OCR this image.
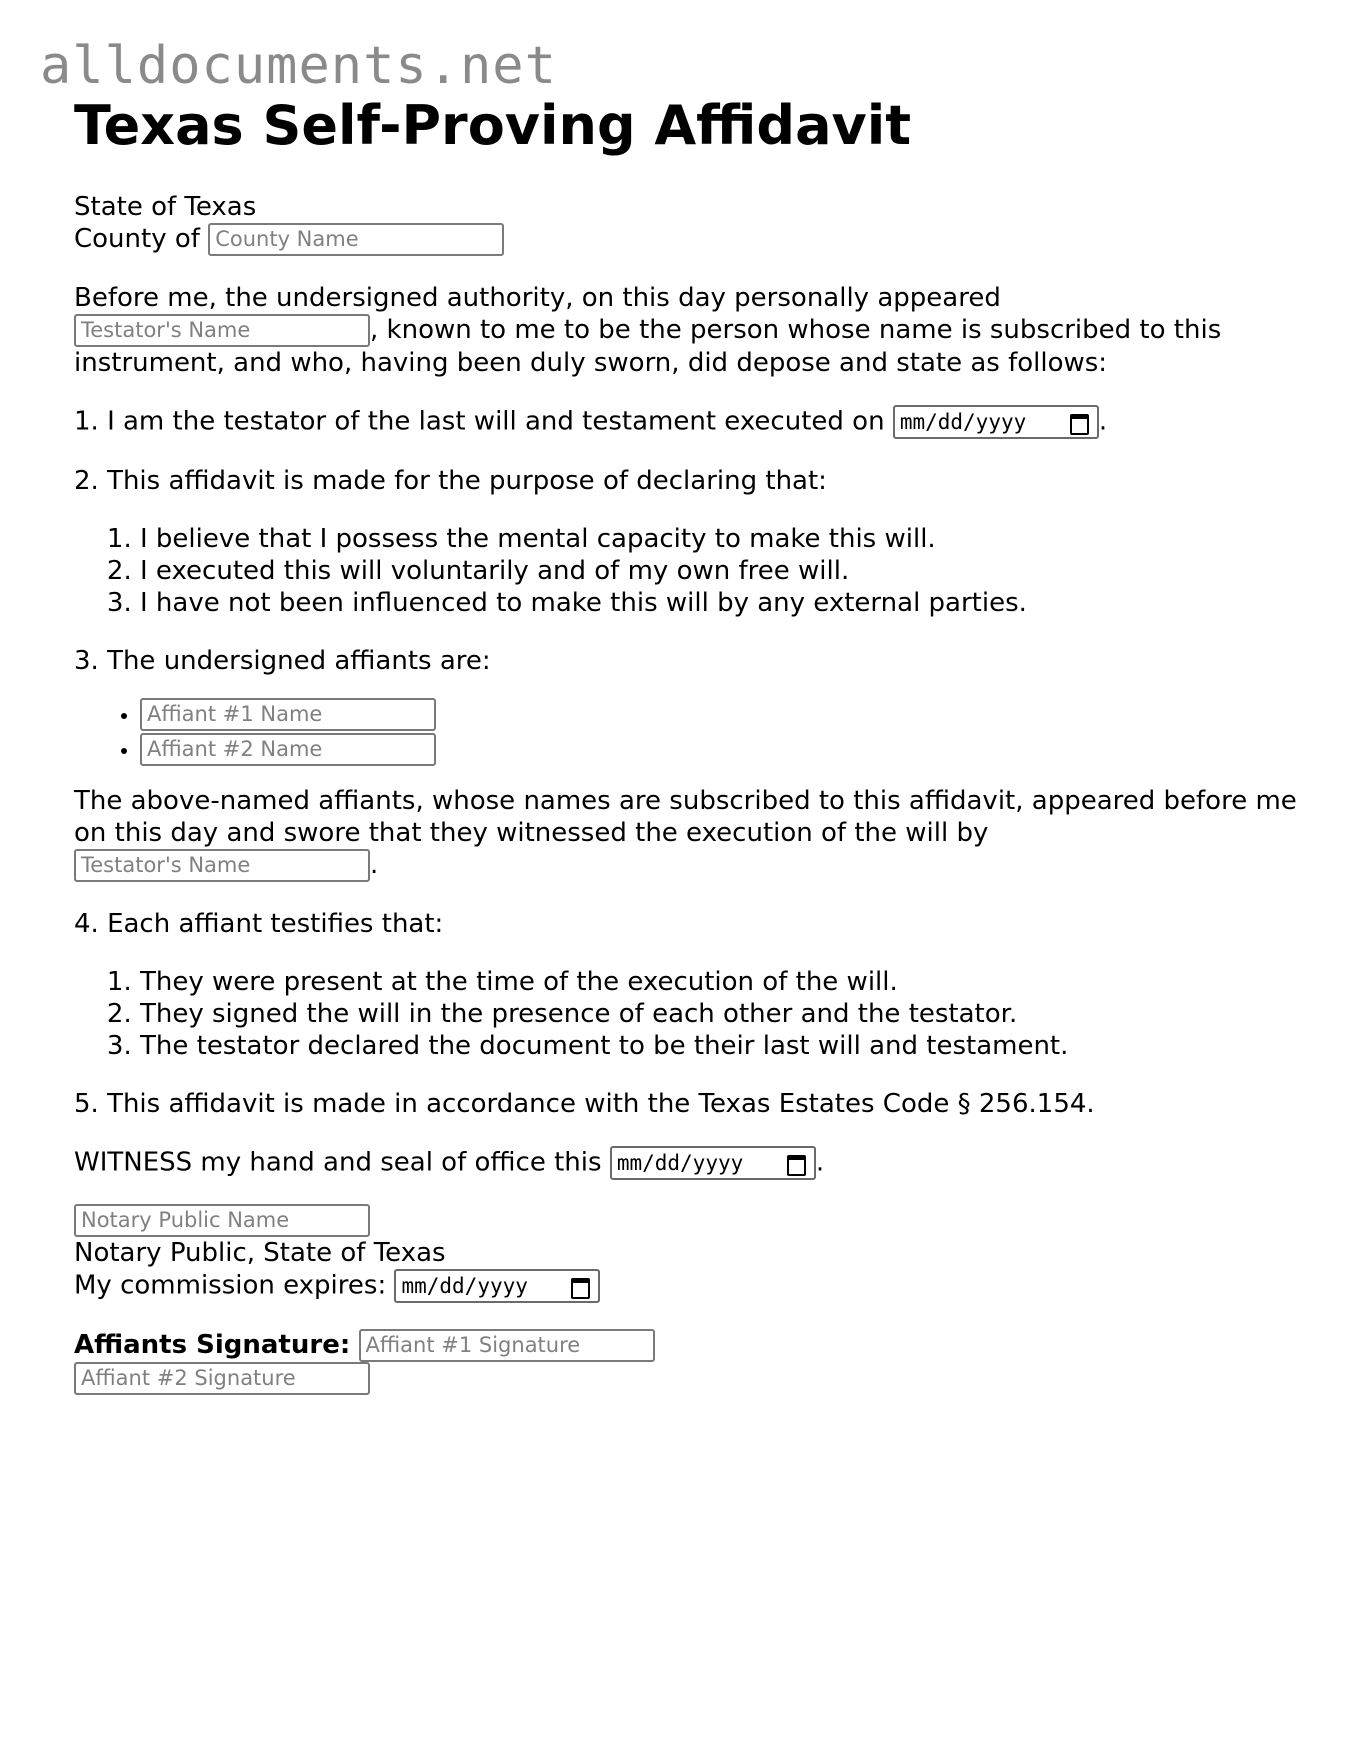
alldocuments.net
Texas Self-Proving Affidavit

State of Texas
County of County Name

Before me, the undersigned authority, on this day personally appeared
Testator's Name	, known to me to be the person whose name is subscribed to this instrument, and who, having been duly sworn, did depose and state as follows:

1. I am the testator of the last will and testament executed on mm/dd/yyyy	.

2. This affidavit is made for the purpose of declaring that:

1. I believe that I possess the mental capacity to make this will.
2. I executed this will voluntarily and of my own free will.
3. I have not been influenced to make this will by any external parties.

3. The undersigned affiants are:

• Affiant #1 Name
• Affiant #2 Name

The above-named affiants, whose names are subscribed to this affidavit, appeared before me on this day and swore that they witnessed the execution of the will by
Testator's Name	.

4. Each affiant testifies that:

1. They were present at the time of the execution of the will.
2. They signed the will in the presence of each other and the testator.
3. The testator declared the document to be their last will and testament.

5. This affidavit is made in accordance with the Texas Estates Code § 256.154.

WITNESS my hand and seal of office this mm/dd/yyyy	.

Notary Public Name
Notary Public, State of Texas
My commission expires: mm/dd/yyyy

Affiants Signature: Affiant #1 Signature
Affiant #2 Signature
